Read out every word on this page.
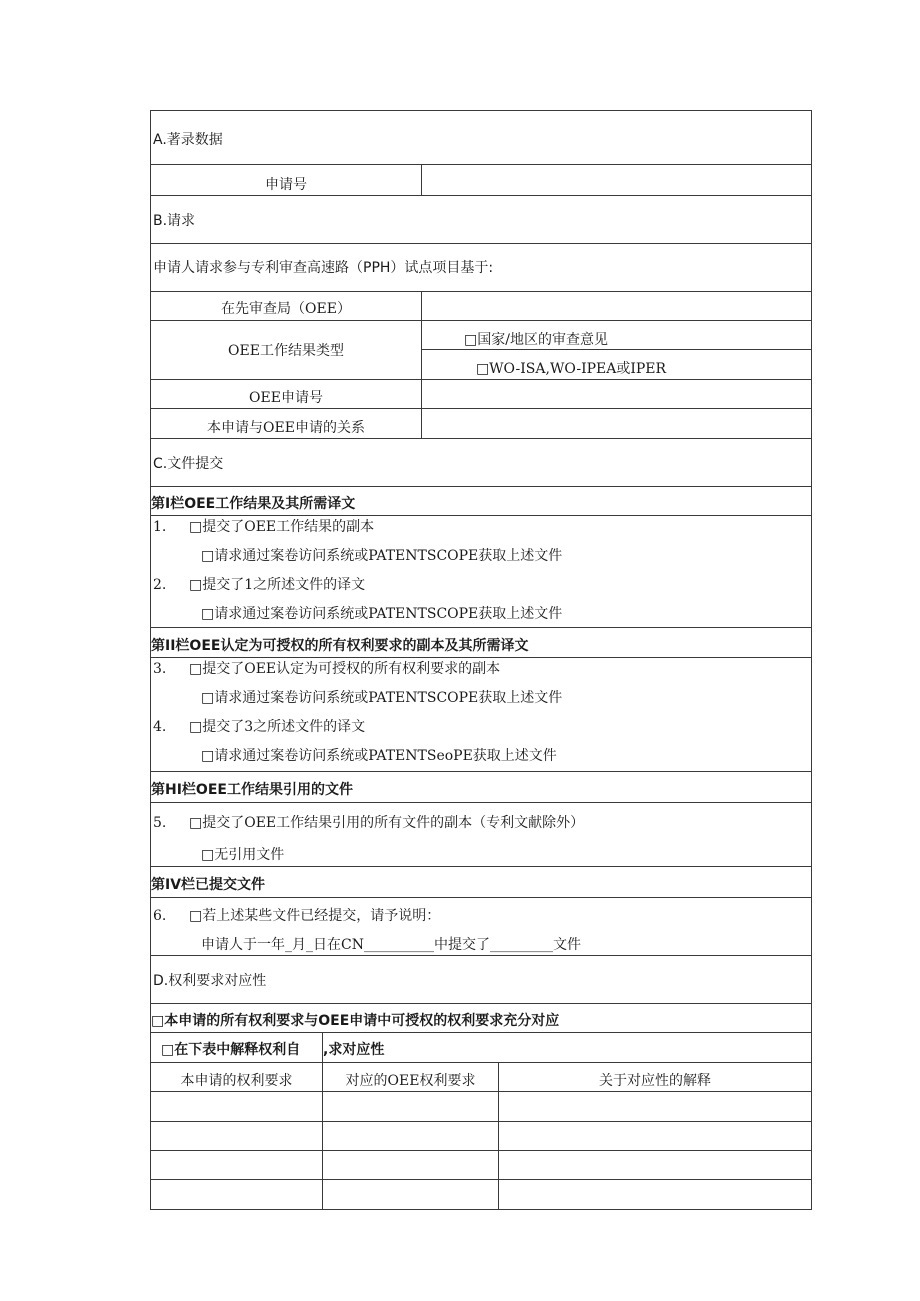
A.著录数据
申请号
B.请求
申请人请求参与专利审查高速路（PPH）试点项目基于:
在先审查局（OEE）
OEE工作结果类型
□国家/地区的审查意见
□WO-ISA,WO-IPEA或IPER
OEE申请号
本申请与OEE申请的关系
C.文件提交
第I栏OEE工作结果及其所需译文
1. □提交了OEE工作结果的副本
□请求通过案卷访问系统或PATENTSCOPE获取上述文件
2. □提交了1之所述文件的译文
□请求通过案卷访问系统或PATENTSCOPE获取上述文件
第II栏OEE认定为可授权的所有权利要求的副本及其所需译文
3. □提交了OEE认定为可授权的所有权利要求的副本
□请求通过案卷访问系统或PATENTSCOPE获取上述文件
4. □提交了3之所述文件的译文
□请求通过案卷访问系统或PATENTSeoPE获取上述文件
第HI栏OEE工作结果引用的文件
5. □提交了OEE工作结果引用的所有文件的副本（专利文献除外）
□无引用文件
第IV栏已提交文件
6. □若上述某些文件已经提交，请予说明：
申请人于一年_月_日在CN__________中提交了_________文件
D.权利要求对应性
□本申请的所有权利要求与OEE申请中可授权的权利要求充分对应
□在下表中解释权利自 ,求对应性
本申请的权利要求	对应的OEE权利要求	关于对应性的解释
